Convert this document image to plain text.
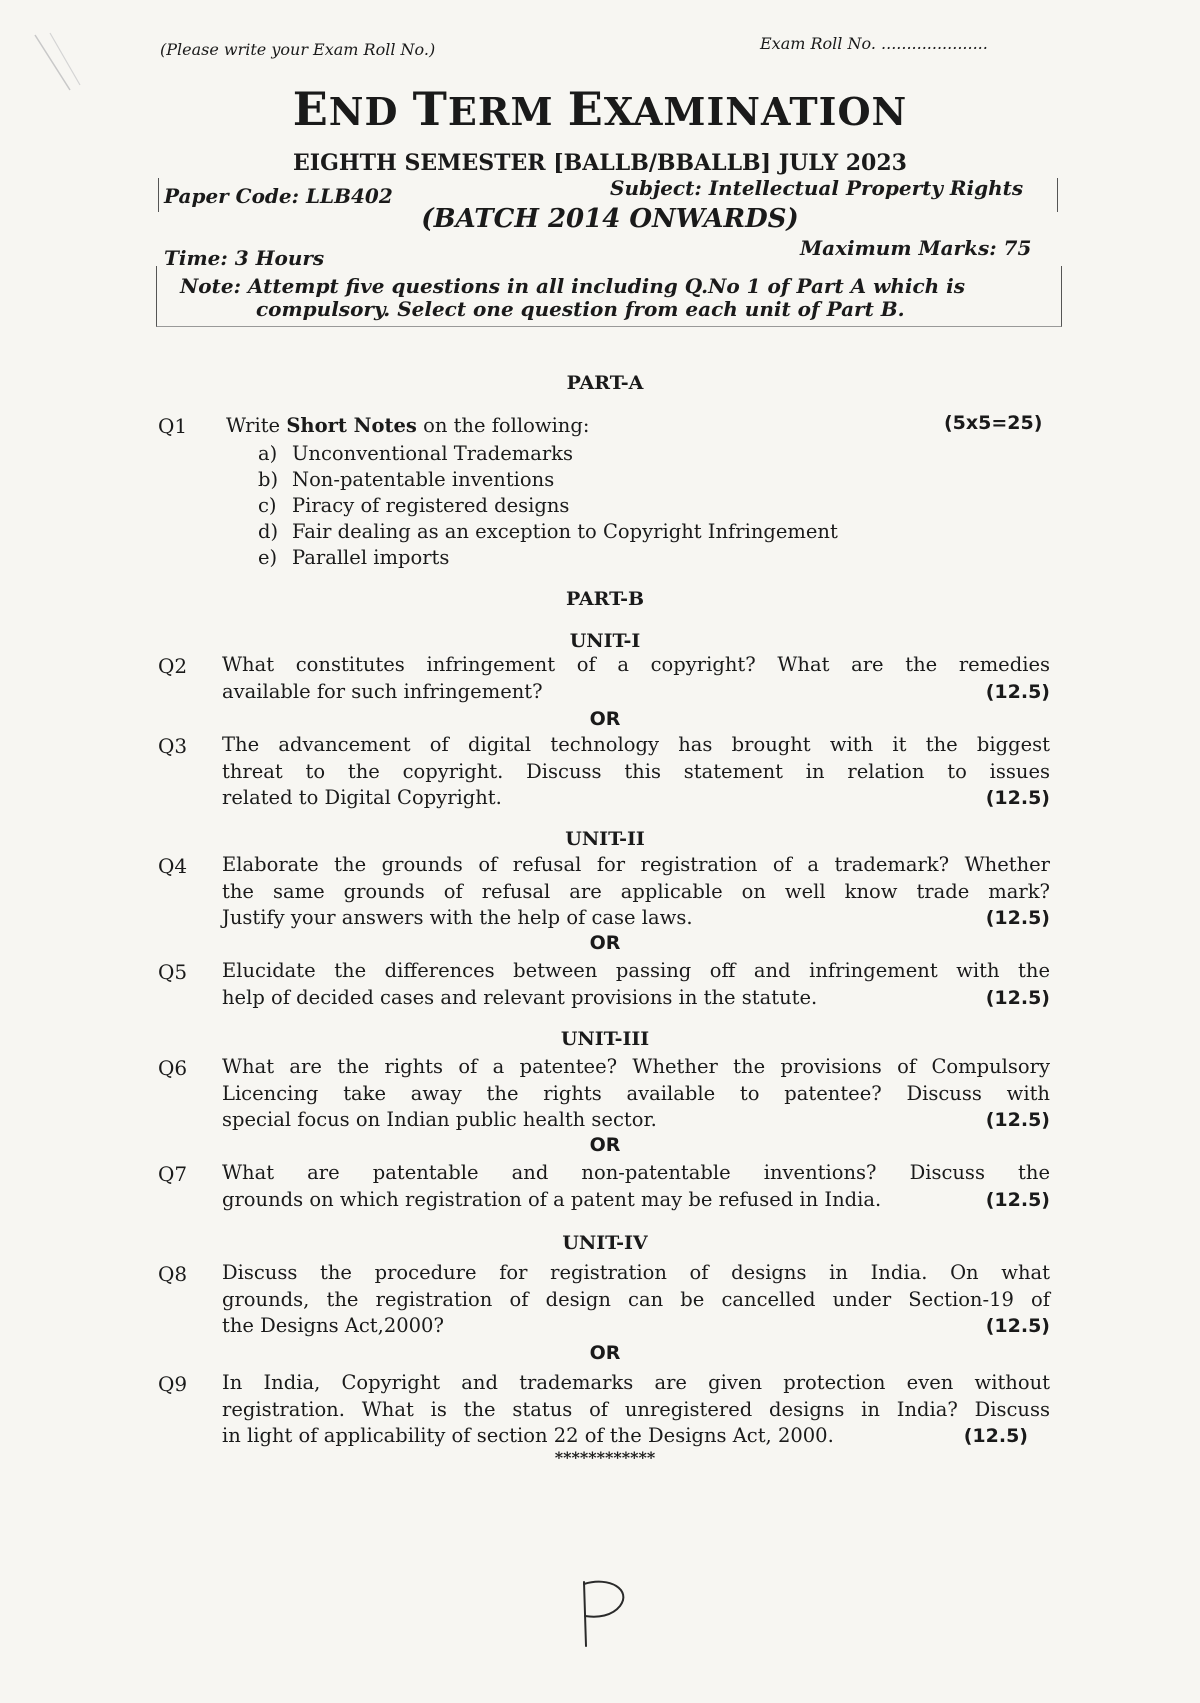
(Please write your Exam Roll No.)	Exam Roll No. .....................
END TERM EXAMINATION
EIGHTH SEMESTER [BALLB/BBALLB] JULY 2023
Paper Code: LLB402	Subject: Intellectual Property Rights
(BATCH 2014 ONWARDS)
Time: 3 Hours	Maximum Marks: 75
Note: Attempt five questions in all including Q.No 1 of Part A which is
compulsory. Select one question from each unit of Part B.
PART-A
Q1 Write Short Notes on the following:	(5x5=25)
a) Unconventional Trademarks
b) Non-patentable inventions
c) Piracy of registered designs
d) Fair dealing as an exception to Copyright Infringement
e) Parallel imports
PART-B
UNIT-I
Q2 What constitutes infringement of a copyright? What are the remedies
available for such infringement?	(12.5)
OR
Q3 The advancement of digital technology has brought with it the biggest
threat to the copyright. Discuss this statement in relation to issues
related to Digital Copyright.	(12.5)
UNIT-II
Q4 Elaborate the grounds of refusal for registration of a trademark? Whether
the same grounds of refusal are applicable on well know trade mark?
Justify your answers with the help of case laws.	(12.5)
OR
Q5 Elucidate the differences between passing off and infringement with the
help of decided cases and relevant provisions in the statute.	(12.5)
UNIT-III
Q6 What are the rights of a patentee? Whether the provisions of Compulsory
Licencing take away the rights available to patentee? Discuss with
special focus on Indian public health sector.	(12.5)
OR
Q7 What are patentable and non-patentable inventions? Discuss the
grounds on which registration of a patent may be refused in India.	(12.5)
UNIT-IV
Q8 Discuss the procedure for registration of designs in India. On what
grounds, the registration of design can be cancelled under Section-19 of
the Designs Act,2000?	(12.5)
OR
Q9 In India, Copyright and trademarks are given protection even without
registration. What is the status of unregistered designs in India? Discuss
in light of applicability of section 22 of the Designs Act, 2000.	(12.5)
************
